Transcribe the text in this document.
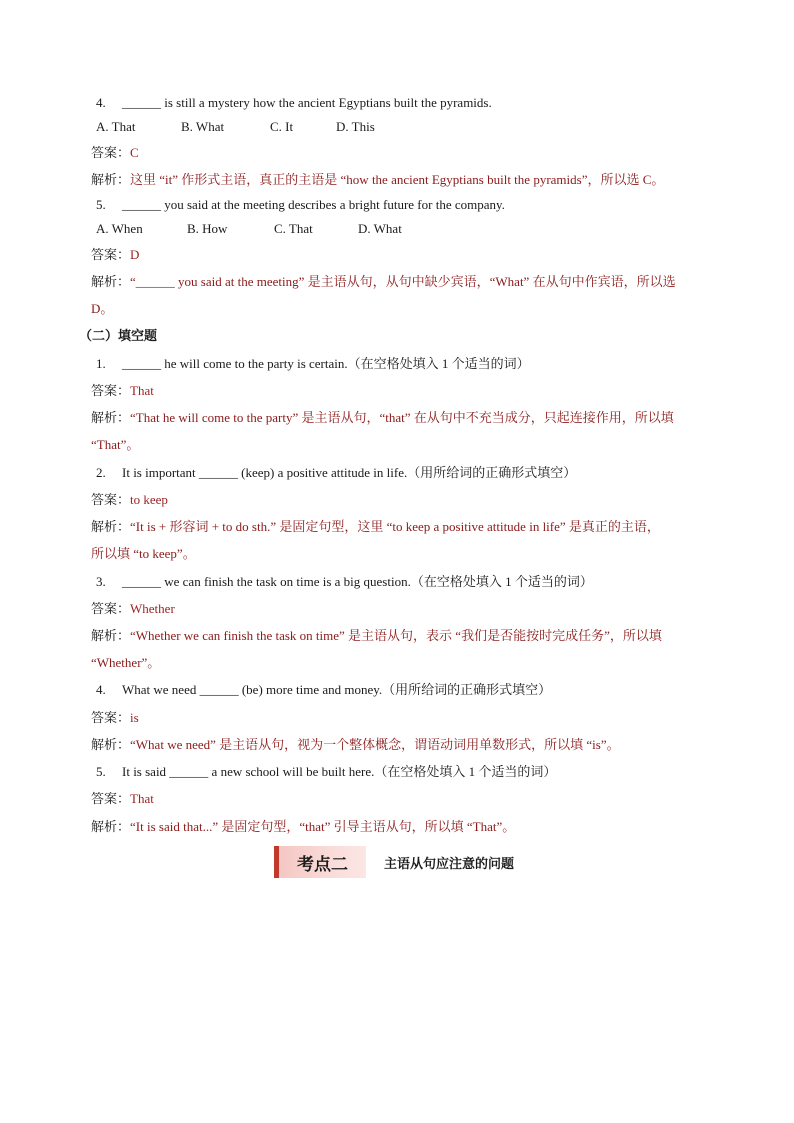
4.     ______ is still a mystery how the ancient Egyptians built the pyramids.
A. That	B. What	C. It	D. This
答案：C
解析：这里 “it” 作形式主语，真正的主语是 “how the ancient Egyptians built the pyramids”，所以选 C。
5.     ______ you said at the meeting describes a bright future for the company.
A. When	B. How	C. That	D. What
答案：D
解析：“______ you said at the meeting” 是主语从句，从句中缺少宾语，“What” 在从句中作宾语，所以选
D。
（二）填空题
1.     ______ he will come to the party is certain.（在空格处填入 1 个适当的词）
答案：That
解析：“That he will come to the party” 是主语从句，“that” 在从句中不充当成分，只起连接作用，所以填
“That”。
2.     It is important ______ (keep) a positive attitude in life.（用所给词的正确形式填空）
答案：to keep
解析：“It is + 形容词 + to do sth.” 是固定句型，这里 “to keep a positive attitude in life” 是真正的主语，
所以填 “to keep”。
3.     ______ we can finish the task on time is a big question.（在空格处填入 1 个适当的词）
答案：Whether
解析：“Whether we can finish the task on time” 是主语从句，表示 “我们是否能按时完成任务”，所以填
“Whether”。
4.     What we need ______ (be) more time and money.（用所给词的正确形式填空）
答案：is
解析：“What we need” 是主语从句，视为一个整体概念，谓语动词用单数形式，所以填 “is”。
5.     It is said ______ a new school will be built here.（在空格处填入 1 个适当的词）
答案：That
解析：“It is said that...” 是固定句型，“that” 引导主语从句，所以填 “That”。
考点二	主语从句应注意的问题
